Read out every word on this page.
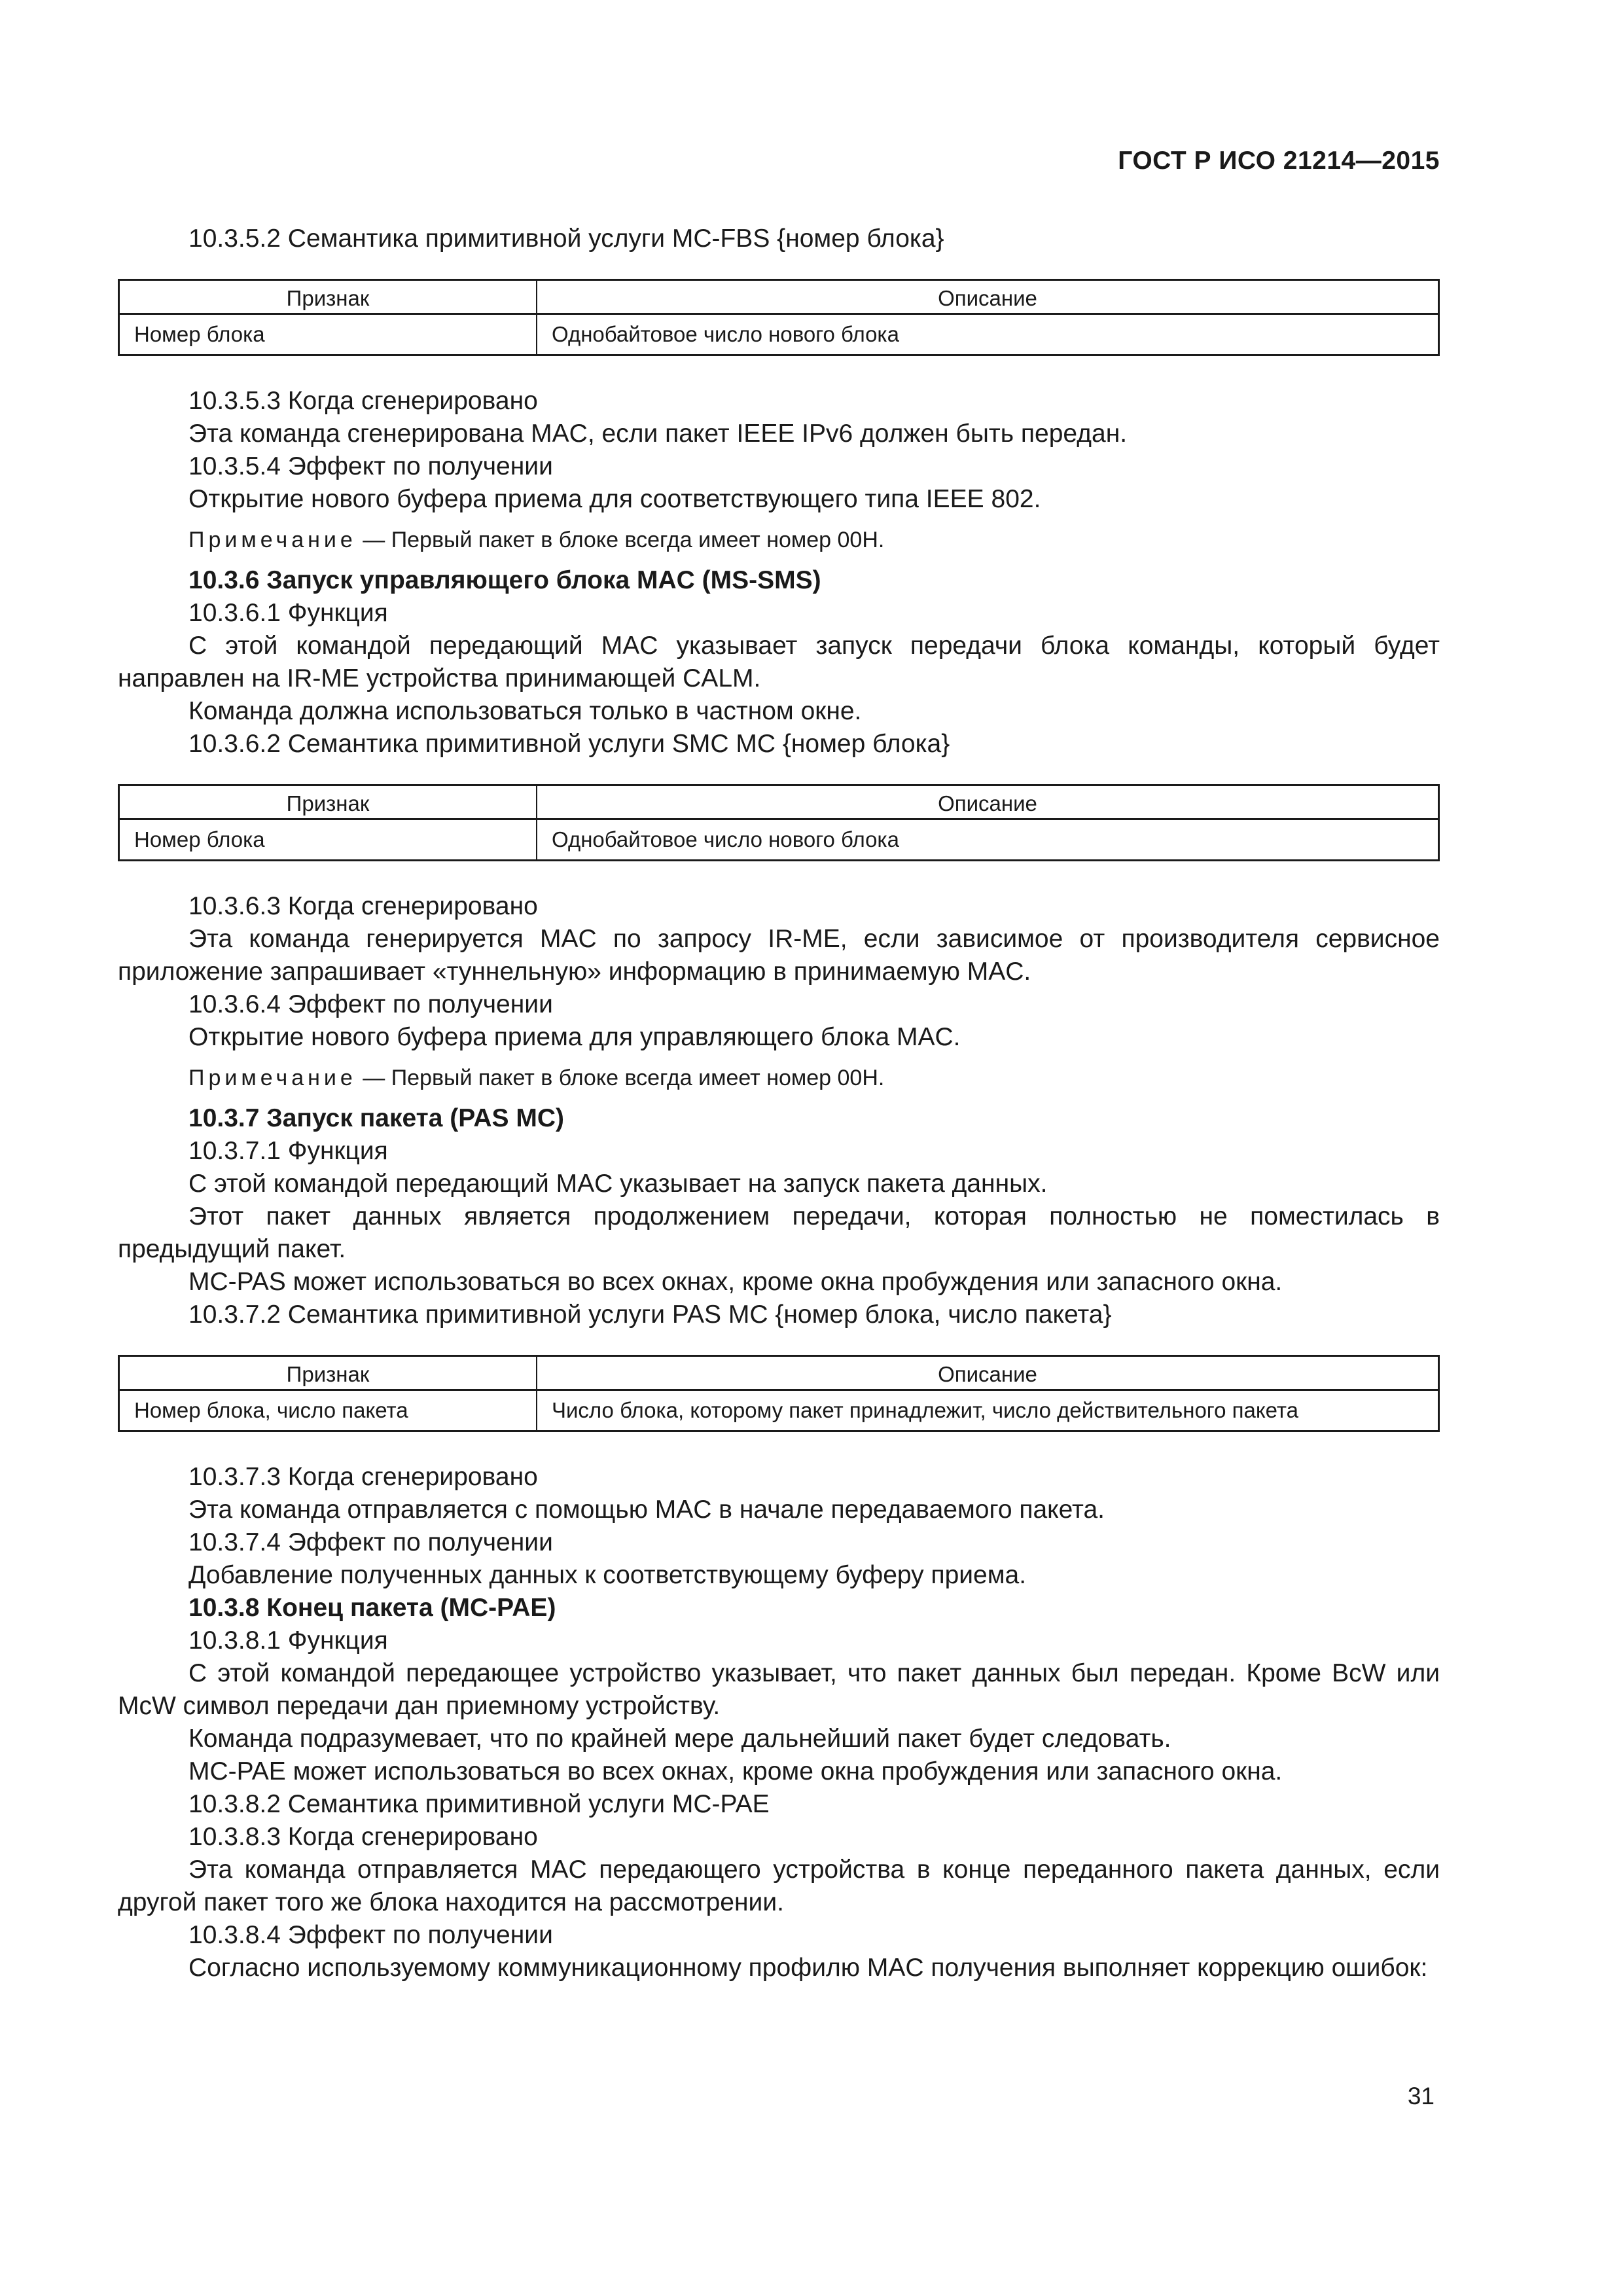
ГОСТ Р ИСО 21214—2015

10.3.5.2 Семантика примитивной услуги MC-FBS {номер блока}

Признак	Описание
Номер блока	Однобайтовое число нового блока

10.3.5.3 Когда сгенерировано

Эта команда сгенерирована MAC, если пакет IEEE IPv6 должен быть передан.

10.3.5.4 Эффект по получении

Открытие нового буфера приема для соответствующего типа IEEE 802.

Примечание — Первый пакет в блоке всегда имеет номер 00H.

10.3.6 Запуск управляющего блока MAC (MS-SMS)

10.3.6.1 Функция

С этой командой передающий MAC указывает запуск передачи блока команды, который будет направлен на IR-ME устройства принимающей CALM.

Команда должна использоваться только в частном окне.

10.3.6.2 Семантика примитивной услуги SMC MC {номер блока}

Признак	Описание
Номер блока	Однобайтовое число нового блока

10.3.6.3 Когда сгенерировано

Эта команда генерируется MAC по запросу IR-ME, если зависимое от производителя сервисное приложение запрашивает «туннельную» информацию в принимаемую MAC.

10.3.6.4 Эффект по получении

Открытие нового буфера приема для управляющего блока MAC.

Примечание — Первый пакет в блоке всегда имеет номер 00H.

10.3.7 Запуск пакета (PAS MC)

10.3.7.1 Функция

С этой командой передающий MAC указывает на запуск пакета данных.

Этот пакет данных является продолжением передачи, которая полностью не поместилась в предыдущий пакет.

MC-PAS может использоваться во всех окнах, кроме окна пробуждения или запасного окна.

10.3.7.2 Семантика примитивной услуги PAS MC {номер блока, число пакета}

Признак	Описание
Номер блока, число пакета	Число блока, которому пакет принадлежит, число действительного пакета

10.3.7.3 Когда сгенерировано

Эта команда отправляется с помощью MAC в начале передаваемого пакета.

10.3.7.4 Эффект по получении

Добавление полученных данных к соответствующему буферу приема.

10.3.8 Конец пакета (MC-PAE)

10.3.8.1 Функция

С этой командой передающее устройство указывает, что пакет данных был передан. Кроме BcW или McW символ передачи дан приемному устройству.

Команда подразумевает, что по крайней мере дальнейший пакет будет следовать.

MC-PAE может использоваться во всех окнах, кроме окна пробуждения или запасного окна.

10.3.8.2 Семантика примитивной услуги MC-PAE

10.3.8.3 Когда сгенерировано

Эта команда отправляется MAC передающего устройства в конце переданного пакета данных, если другой пакет того же блока находится на рассмотрении.

10.3.8.4 Эффект по получении

Согласно используемому коммуникационному профилю MAC получения выполняет коррекцию ошибок:

31
